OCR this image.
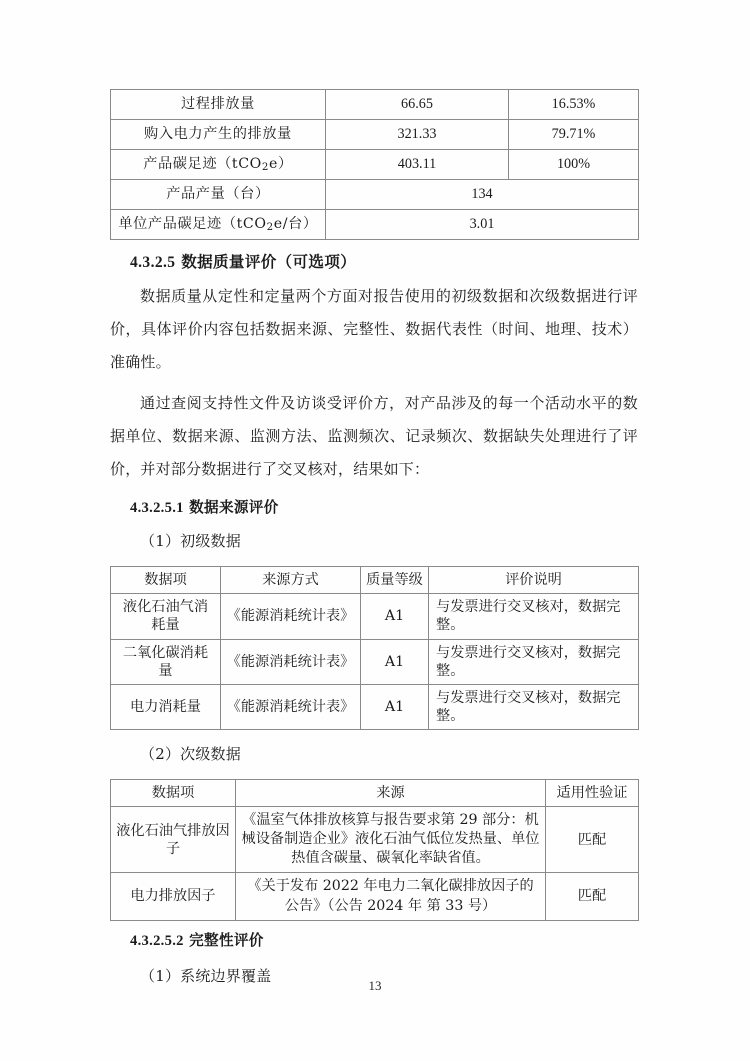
过程排放量	66.65	16.53%
购入电力产生的排放量	321.33	79.71%
产品碳足迹（tCO$_2$e）	403.11	100%
产品产量（台）	134	
单位产品碳足迹（tCO$_2$e/台）	3.01	
4.3.2.5 数据质量评价（可选项）

数据质量从定性和定量两个方面对报告使用的初级数据和次级数据进行评价，具体评价内容包括数据来源、完整性、数据代表性（时间、地理、技术）准确性。

通过查阅支持性文件及访谈受评价方，对产品涉及的每一个活动水平的数据单位、数据来源、监测方法、监测频次、记录频次、数据缺失处理进行了评价，并对部分数据进行了交叉核对，结果如下：

4.3.2.5.1 数据来源评价

（1）初级数据

数据项	来源方式	质量等级	评价说明
液化石油气消耗量	《能源消耗统计表》	A1	与发票进行交叉核对，数据完整。
二氧化碳消耗量	《能源消耗统计表》	A1	与发票进行交叉核对，数据完整。
电力消耗量	《能源消耗统计表》	A1	与发票进行交叉核对，数据完整。

（2）次级数据

数据项	来源	适用性验证
液化石油气排放因子	《温室气体排放核算与报告要求第 29 部分：机械设备制造企业》液化石油气低位发热量、单位热值含碳量、碳氧化率缺省值。	匹配
电力排放因子	《关于发布 2022 年电力二氧化碳排放因子的公告》（公告 2024 年 第 33 号）	匹配
4.3.2.5.2 完整性评价

（1）系统边界覆盖

13
